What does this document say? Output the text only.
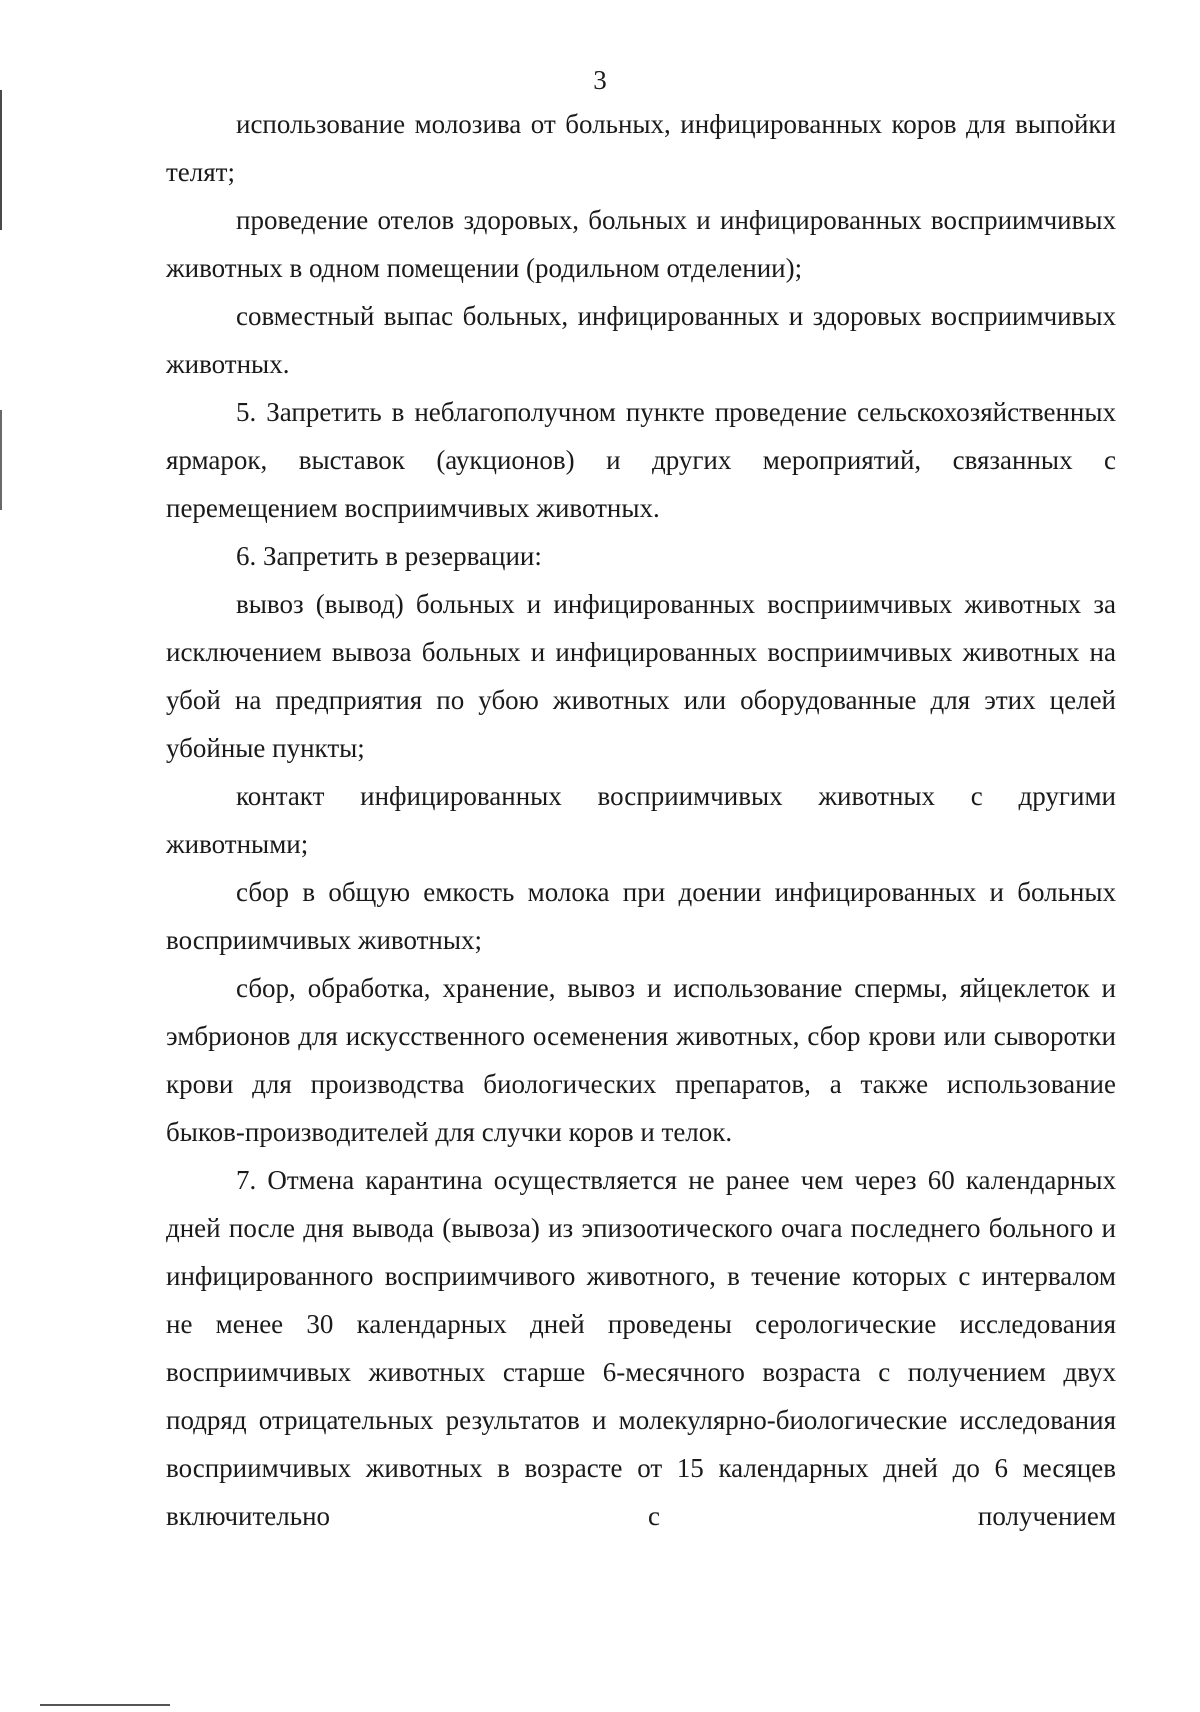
3

использование молозива от больных, инфицированных коров для выпойки телят;

проведение отелов здоровых, больных и инфицированных восприимчивых животных в одном помещении (родильном отделении);

совместный выпас больных, инфицированных и здоровых восприимчивых животных.

5. Запретить в неблагополучном пункте проведение сельскохозяйственных ярмарок, выставок (аукционов) и других мероприятий, связанных с перемещением восприимчивых животных.

6. Запретить в резервации:

вывоз (вывод) больных и инфицированных восприимчивых животных за исключением вывоза больных и инфицированных восприимчивых животных на убой на предприятия по убою животных или оборудованные для этих целей убойные пункты;

контакт инфицированных восприимчивых животных с другими животными;

сбор в общую емкость молока при доении инфицированных и больных восприимчивых животных;

сбор, обработка, хранение, вывоз и использование спермы, яйцеклеток и эмбрионов для искусственного осеменения животных, сбор крови или сыворотки крови для производства биологических препаратов, а также использование быков-производителей для случки коров и телок.

7. Отмена карантина осуществляется не ранее чем через 60 календарных дней после дня вывода (вывоза) из эпизоотического очага последнего больного и инфицированного восприимчивого животного, в течение которых с интервалом не менее 30 календарных дней проведены серологические исследования восприимчивых животных старше 6-месячного возраста с получением двух подряд отрицательных результатов и молекулярно-биологические исследования восприимчивых животных в возрасте от 15 календарных дней до 6 месяцев включительно с получением
